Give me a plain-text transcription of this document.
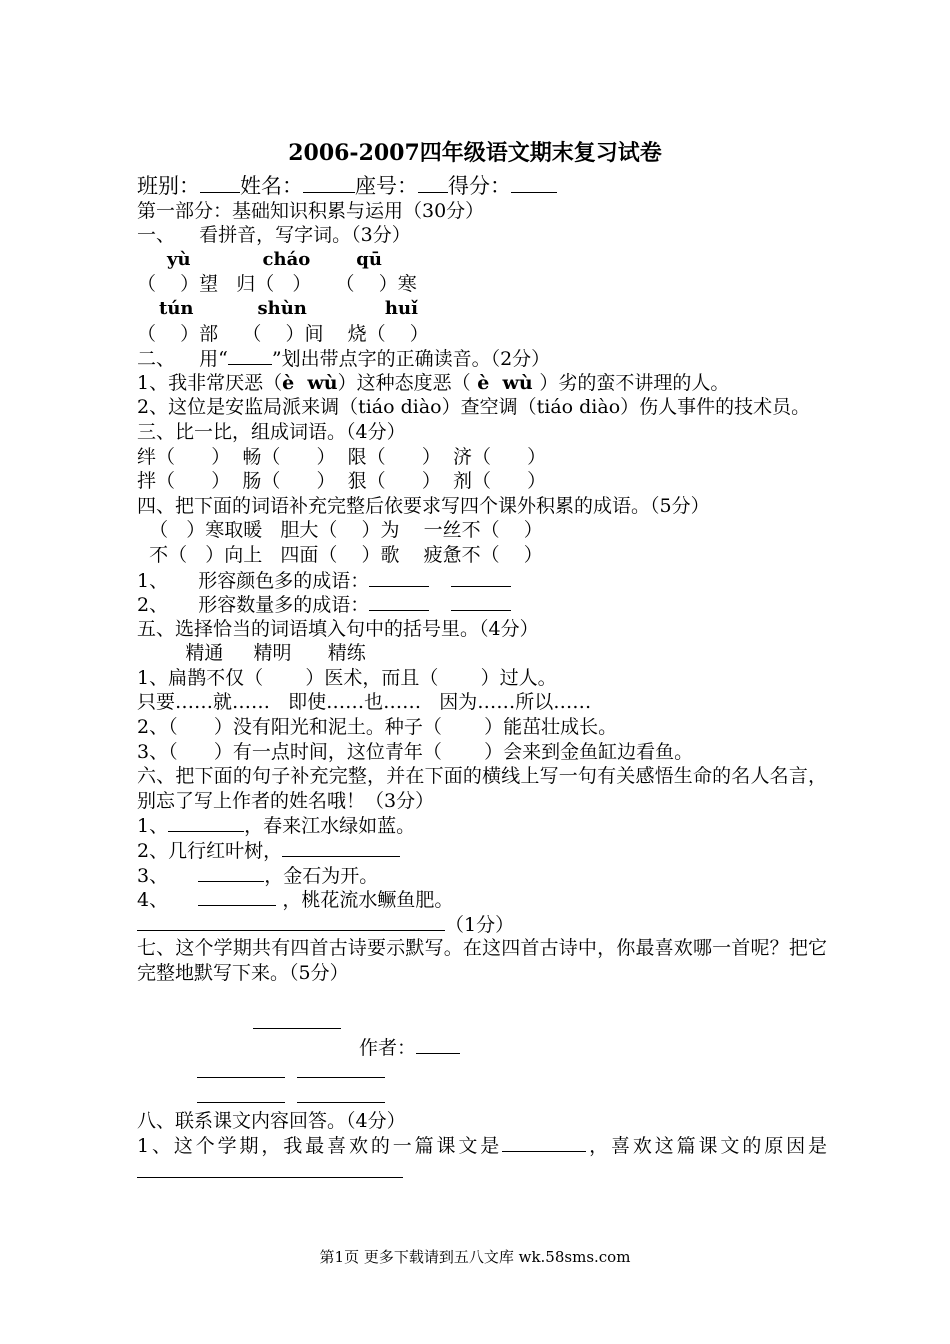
2006-2007四年级语文期末复习试卷
班别： 姓名： 座号： 得分：
第一部分：基础知识积累与运用（30分）
一、    看拼音，写字词。（3分）
yù	cháo	qū
（    ）望   归（   ）    （    ）寒
tún	shùn	huǐ
（    ）部    （    ）间    烧（    ）
二、    用“ ”划出带点字的正确读音。（2分）
1、我非常厌恶（è  wù）这种态度恶（ è  wù ）劣的蛮不讲理的人。
2、这位是安监局派来调（tiáo diào）查空调（tiáo diào）伤人事件的技术员。
三、比一比，组成词语。（4分）
绊（      ）  畅（      ）  限（      ）  济（      ）
拌（      ）  肠（      ）  狠（      ）  剂（      ）
四、把下面的词语补充完整后依要求写四个课外积累的成语。（5分）
（   ）寒取暖   胆大（    ）为    一丝不（    ）
不（   ）向上   四面（    ）歌    疲惫不（    ）
1、     形容颜色多的成语：
2、     形容数量多的成语：
五、选择恰当的词语填入句中的括号里。（4分）
精通     精明      精练
1、扁鹊不仅（       ）医术，而且（       ）过人。
只要……就……   即使……也……   因为……所以……
2、（      ）没有阳光和泥土。种子（       ）能茁壮成长。
3、（      ）有一点时间，这位青年（       ）会来到金鱼缸边看鱼。
六、把下面的句子补充完整，并在下面的横线上写一句有关感悟生命的名人名言，别忘了写上作者的姓名哦！（3分）
1、	，春来江水绿如蓝。
2、几行红叶树，
3、	，金石为开。
4、	，桃花流水鳜鱼肥。
（1分）
七、这个学期共有四首古诗要示默写。在这四首古诗中，你最喜欢哪一首呢？把它完整地默写下来。（5分）
作者：
八、联系课文内容回答。（4分）
1、这个学期，我最喜欢的一篇课文是	，喜欢这篇课文的原因是
第1页 更多下载请到五八文库 wk.58sms.com
